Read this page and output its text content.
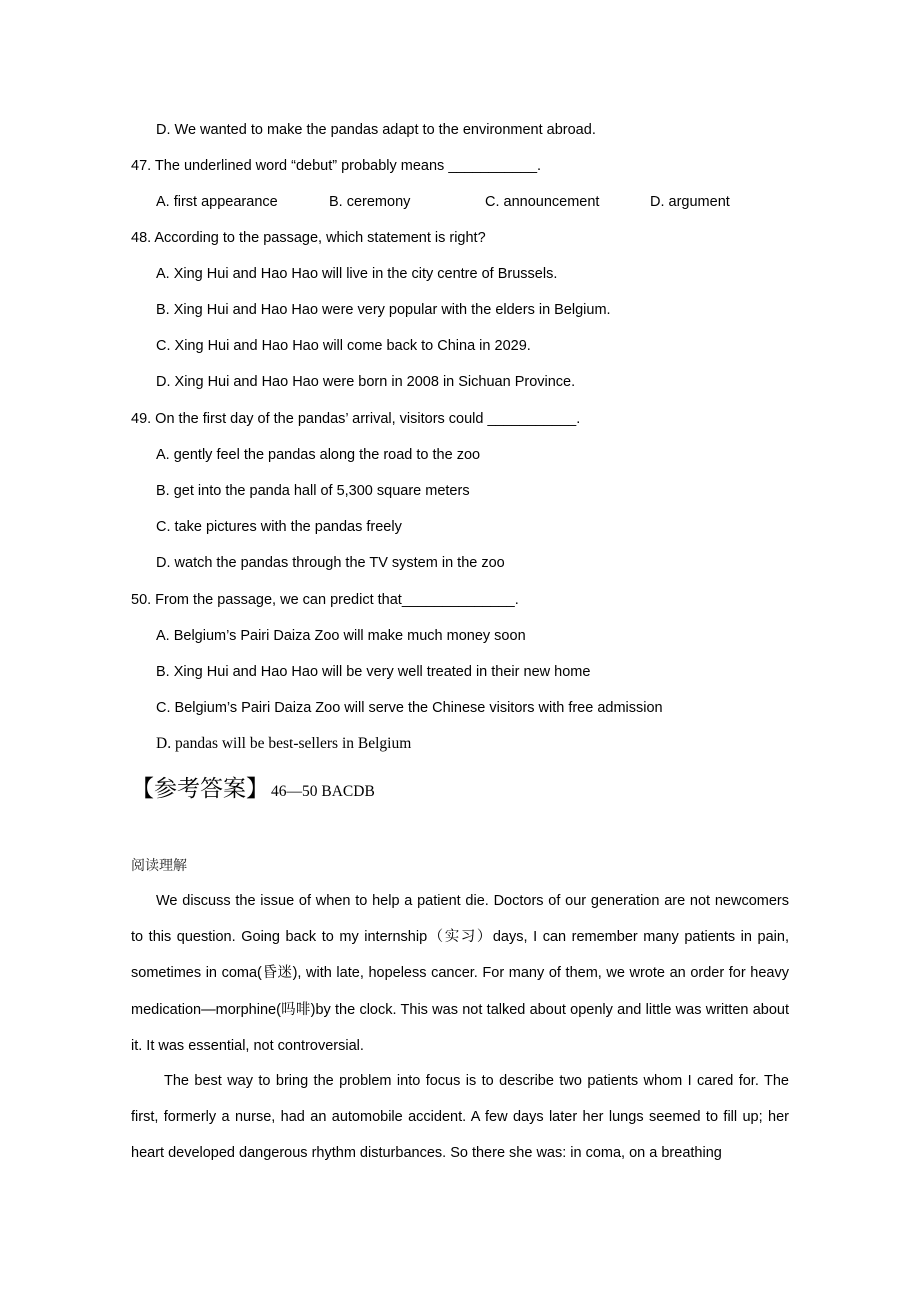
D. We wanted to make the pandas adapt to the environment abroad.
47. The underlined word “debut” probably means ___________.
A. first appearance	B. ceremony	C. announcement	D. argument
48. According to the passage, which statement is right?
A. Xing Hui and Hao Hao will live in the city centre of Brussels.
B. Xing Hui and Hao Hao were very popular with the elders in Belgium.
C. Xing Hui and Hao Hao will come back to China in 2029.
D. Xing Hui and Hao Hao were born in 2008 in Sichuan Province.
49. On the first day of the pandas’ arrival, visitors could ___________.
A. gently feel the pandas along the road to the zoo
B. get into the panda hall of 5,300 square meters
C. take pictures with the pandas freely
D. watch the pandas through the TV system in the zoo
50. From the passage, we can predict that______________.
A. Belgium’s Pairi Daiza Zoo will make much money soon
B. Xing Hui and Hao Hao will be very well treated in their new home
C. Belgium’s Pairi Daiza Zoo will serve the Chinese visitors with free admission
D. pandas will be best-sellers in Belgium
【参考答案】 46—50 BACDB
阅读理解
We discuss the issue of when to help a patient die. Doctors of our generation are not newcomers to this question. Going back to my internship（实习）days, I can remember many patients in pain, sometimes in coma(昏迷), with late, hopeless cancer. For many of them, we wrote an order for heavy medication—morphine(吗啡)by the clock. This was not talked about openly and little was written about it. It was essential, not controversial.
The best way to bring the problem into focus is to describe two patients whom I cared for. The first, formerly a nurse, had an automobile accident. A few days later her lungs seemed to fill up; her heart developed dangerous rhythm disturbances. So there she was: in coma, on a breathing
